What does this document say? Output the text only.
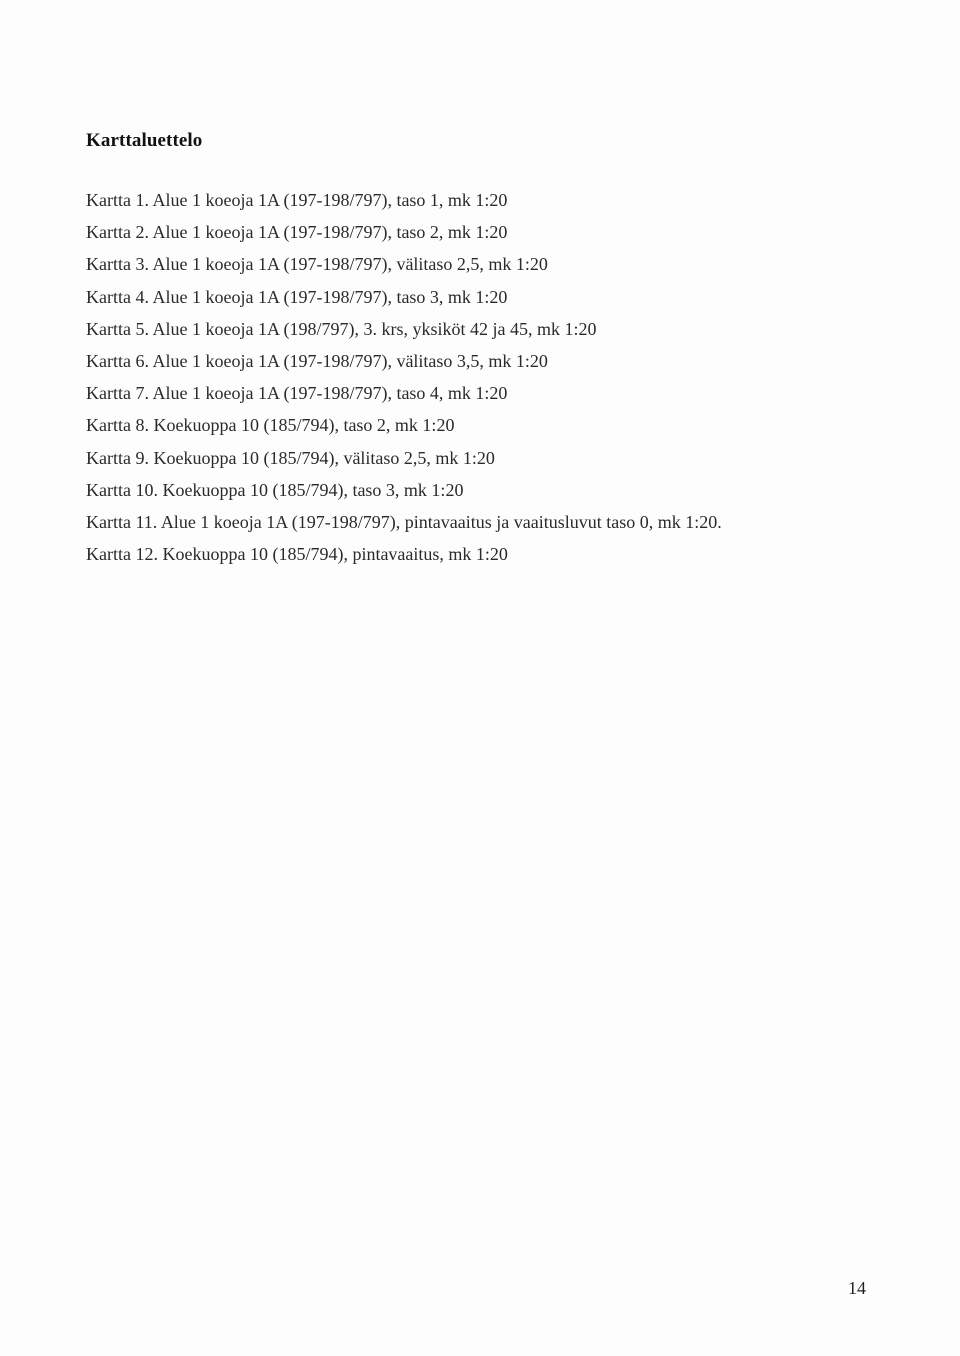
Karttaluettelo
Kartta 1. Alue 1 koeoja 1A (197-198/797), taso 1, mk 1:20
Kartta 2. Alue 1 koeoja 1A (197-198/797), taso 2, mk 1:20
Kartta 3. Alue 1 koeoja 1A (197-198/797), välitaso 2,5, mk 1:20
Kartta 4. Alue 1 koeoja 1A (197-198/797), taso 3, mk 1:20
Kartta 5. Alue 1 koeoja 1A (198/797), 3. krs, yksiköt 42 ja 45, mk 1:20
Kartta 6. Alue 1 koeoja 1A (197-198/797), välitaso 3,5, mk 1:20
Kartta 7. Alue 1 koeoja 1A (197-198/797), taso 4, mk 1:20
Kartta 8. Koekuoppa 10 (185/794), taso 2, mk 1:20
Kartta 9. Koekuoppa 10 (185/794), välitaso 2,5, mk 1:20
Kartta 10. Koekuoppa 10 (185/794), taso 3, mk 1:20
Kartta 11. Alue 1 koeoja 1A (197-198/797), pintavaaitus ja vaaitusluvut taso 0, mk 1:20.
Kartta 12. Koekuoppa 10 (185/794), pintavaaitus, mk 1:20
14
